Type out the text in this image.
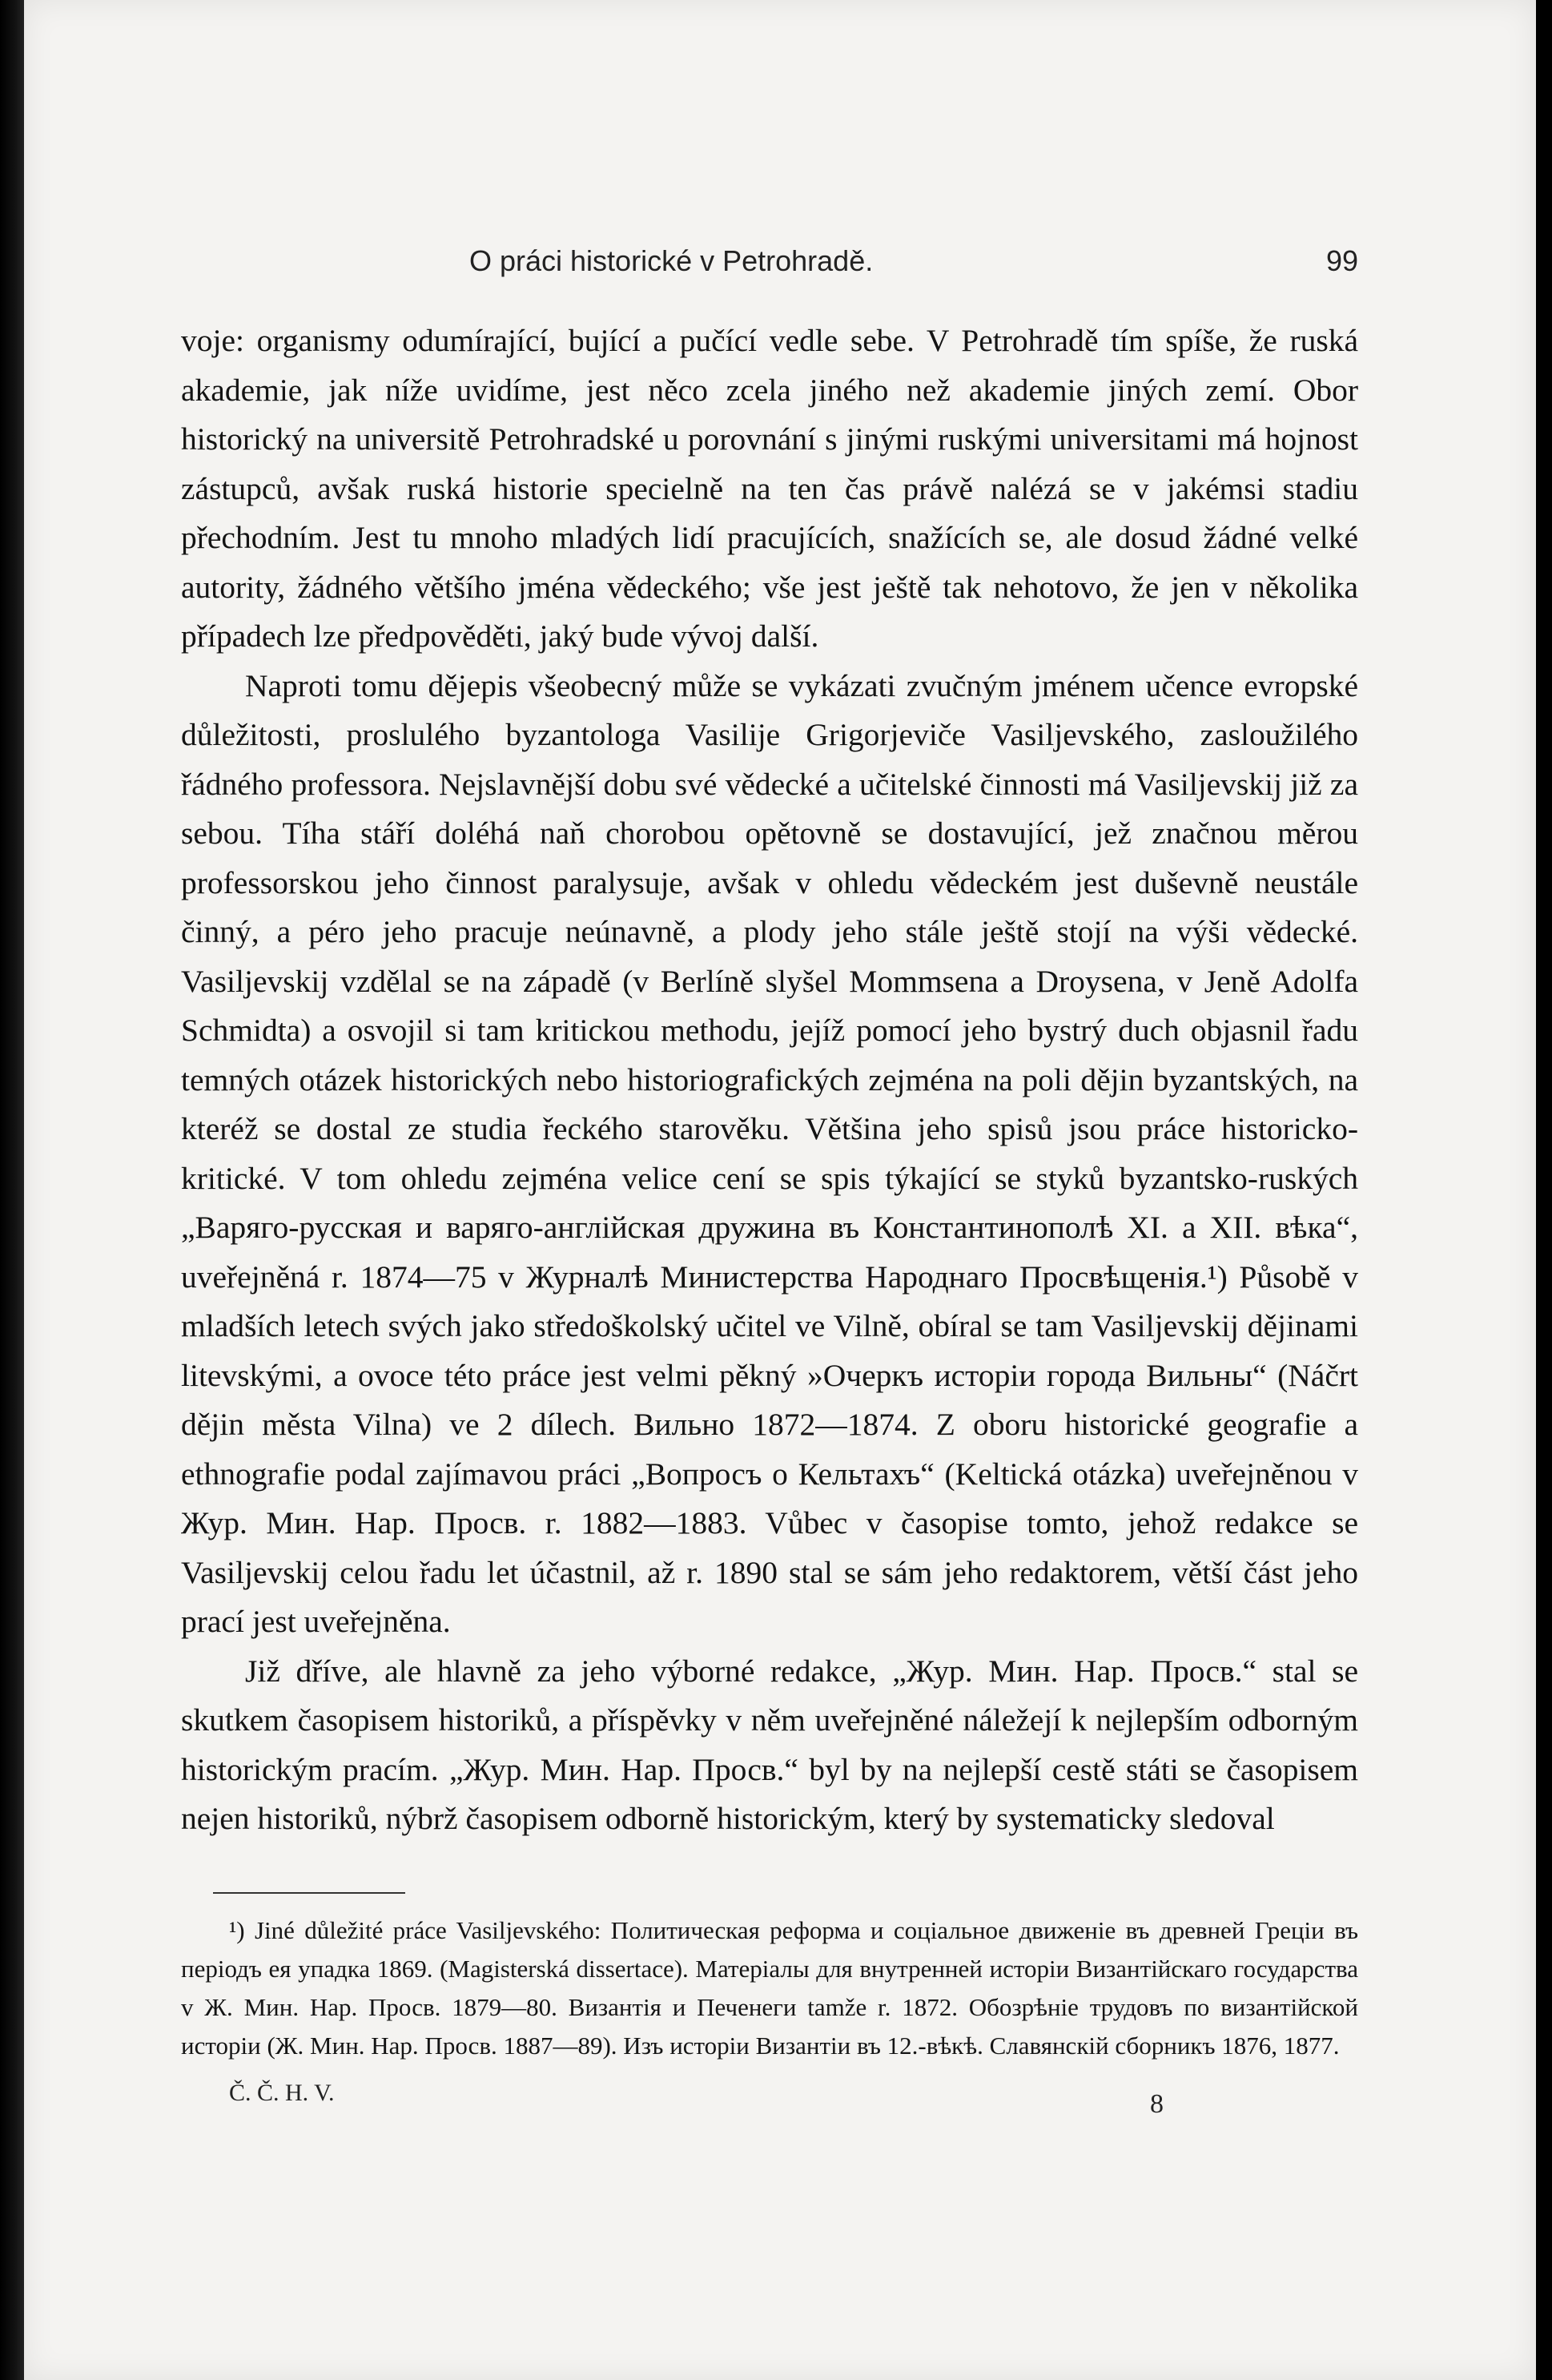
O práci historické v Petrohradě.	99

voje: organismy odumírající, bující a pučící vedle sebe. V Petrohradě tím spíše, že ruská akademie, jak níže uvidíme, jest něco zcela jiného než akademie jiných zemí. Obor historický na universitě Petrohradské u porovnání s jinými ruskými universitami má hojnost zástupců, avšak ruská historie specielně na ten čas právě nalézá se v jakémsi stadiu přechodním. Jest tu mnoho mladých lidí pracujících, snažících se, ale dosud žádné velké autority, žádného většího jména vědeckého; vše jest ještě tak nehotovo, že jen v několika případech lze předpověděti, jaký bude vývoj další.

Naproti tomu dějepis všeobecný může se vykázati zvučným jménem učence evropské důležitosti, proslulého byzantologa Vasilije Grigorjeviče Vasiljevského, zasloužilého řádného professora. Nejslavnější dobu své vědecké a učitelské činnosti má Vasiljevskij již za sebou. Tíha stáří doléhá naň chorobou opětovně se dostavující, jež značnou měrou professorskou jeho činnost paralysuje, avšak v ohledu vědeckém jest duševně neustále činný, a péro jeho pracuje neúnavně, a plody jeho stále ještě stojí na výši vědecké. Vasiljevskij vzdělal se na západě (v Berlíně slyšel Mommsena a Droysena, v Jeně Adolfa Schmidta) a osvojil si tam kritickou methodu, jejíž pomocí jeho bystrý duch objasnil řadu temných otázek historických nebo historiografických zejména na poli dějin byzantských, na kteréž se dostal ze studia řeckého starověku. Většina jeho spisů jsou práce historicko-kritické. V tom ohledu zejména velice cení se spis týkající se styků byzantsko-ruských „Варяго-русская и варяго-англійская дружина въ Константинополѣ XI. a XII. вѣка“, uveřejněná r. 1874—75 v Журналѣ Министерства Народнаго Просвѣщенія.¹) Působě v mladších letech svých jako středoškolský učitel ve Vilně, obíral se tam Vasiljevskij dějinami litevskými, a ovoce této práce jest velmi pěkný »Очеркъ исторіи города Вильны“ (Náčrt dějin města Vilna) ve 2 dílech. Вильно 1872—1874. Z oboru historické geografie a ethnografie podal zajímavou práci „Вопросъ о Кельтахъ“ (Keltická otázka) uveřejněnou v Жур. Мин. Нар. Просв. r. 1882—1883. Vůbec v časopise tomto, jehož redakce se Vasiljevskij celou řadu let účastnil, až r. 1890 stal se sám jeho redaktorem, větší část jeho prací jest uveřejněna.

Již dříve, ale hlavně za jeho výborné redakce, „Жур. Мин. Нар. Просв.“ stal se skutkem časopisem historiků, a příspěvky v něm uveřejněné náležejí k nejlepším odborným historickým pracím. „Жур. Мин. Нар. Просв.“ byl by na nejlepší cestě státi se časopisem nejen historiků, nýbrž časopisem odborně historickým, který by systematicky sledoval

¹) Jiné důležité práce Vasiljevského: Политическая реформа и соціальное движеніе въ древней Греціи въ періодъ ея упадка 1869. (Magisterská dissertace). Матеріалы для внутренней исторіи Византійскаго государства v Ж. Мин. Нар. Просв. 1879—80. Византія и Печенеги tamže r. 1872. Обозрѣніе трудовъ по византійской исторіи (Ж. Мин. Нар. Просв. 1887—89). Изъ исторіи Византіи въ 12.-вѣкѣ. Славянскій сборникъ 1876, 1877.

Č. Č. H. V.	8
